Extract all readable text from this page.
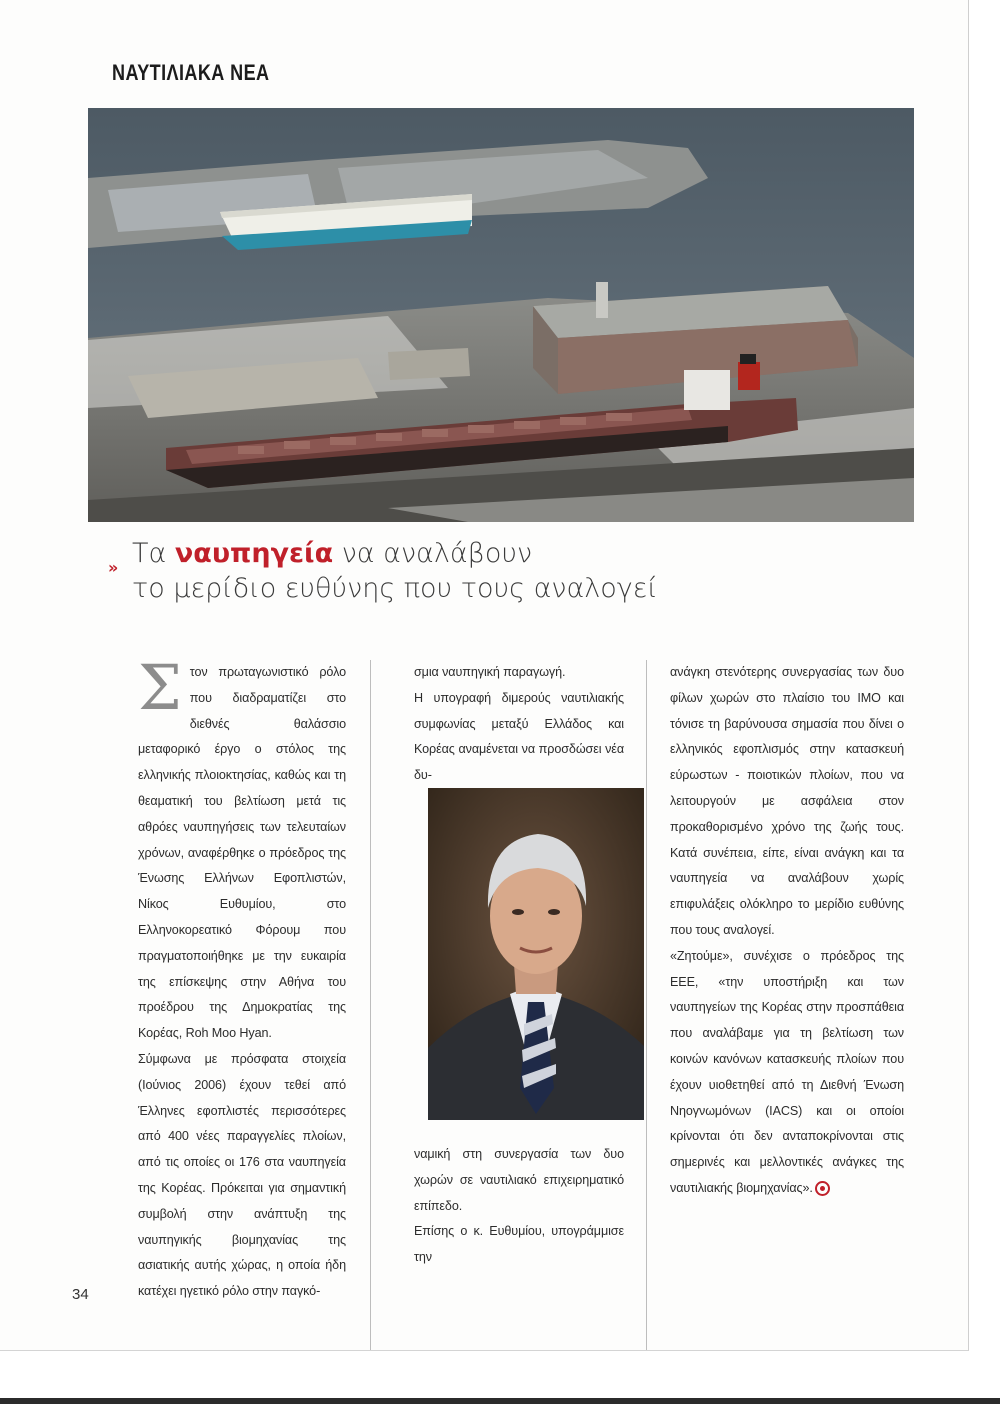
ΝΑΥΤΙΛΙΑΚΑ ΝΕΑ
» Τα ναυπηγεία να αναλάβουν
το μερίδιο ευθύνης που τους αναλογεί

Στον πρωταγωνιστικό ρόλο που διαδραματίζει στο διεθνές θαλάσσιο μεταφορικό έργο ο στόλος της ελληνικής πλοιοκτησίας, καθώς και τη θεαματική του βελτίωση μετά τις αθρόες ναυπηγήσεις των τελευταίων χρόνων, αναφέρθηκε ο πρόεδρος της Ένωσης Ελλήνων Εφοπλιστών, Νίκος Ευθυμίου, στο Ελληνοκορεατικό Φόρουμ που πραγματοποιήθηκε με την ευκαιρία της επίσκεψης στην Αθήνα του προέδρου της Δημοκρατίας της Κορέας, Roh Moo Hyan.

Σύμφωνα με πρόσφατα στοιχεία (Ιούνιος 2006) έχουν τεθεί από Έλληνες εφοπλιστές περισσότερες από 400 νέες παραγγελίες πλοίων, από τις οποίες οι 176 στα ναυπηγεία της Κορέας. Πρόκειται για σημαντική συμβολή στην ανάπτυξη της ναυπηγικής βιομηχανίας της ασιατικής αυτής χώρας, η οποία ήδη κατέχει ηγετικό ρόλο στην παγκό-

σμια ναυπηγική παραγωγή.

Η υπογραφή διμερούς ναυτιλιακής συμφωνίας μεταξύ Ελλάδος και Κορέας αναμένεται να προσδώσει νέα δυ-

ναμική στη συνεργασία των δυο χωρών σε ναυτιλιακό επιχειρηματικό επίπεδο.

Επίσης ο κ. Ευθυμίου, υπογράμμισε την

ανάγκη στενότερης συνεργασίας των δυο φίλων χωρών στο πλαίσιο του ΙΜΟ και τόνισε τη βαρύνουσα σημασία που δίνει ο ελληνικός εφοπλισμός στην κατασκευή εύρωστων - ποιοτικών πλοίων, που να λειτουργούν με ασφάλεια στον προκαθορισμένο χρόνο της ζωής τους. Κατά συνέπεια, είπε, είναι ανάγκη και τα ναυπηγεία να αναλάβουν χωρίς επιφυλάξεις ολόκληρο το μερίδιο ευθύνης που τους αναλογεί.

«Ζητούμε», συνέχισε ο πρόεδρος της ΕΕΕ, «την υποστήριξη και των ναυπηγείων της Κορέας στην προσπάθεια που αναλάβαμε για τη βελτίωση των κοινών κανόνων κατασκευής πλοίων που έχουν υιοθετηθεί από τη Διεθνή Ένωση Νηογνωμόνων (IACS) και οι οποίοι κρίνονται ότι δεν ανταποκρίνονται στις σημερινές και μελλοντικές ανάγκες της ναυτιλιακής βιομηχανίας».

34
